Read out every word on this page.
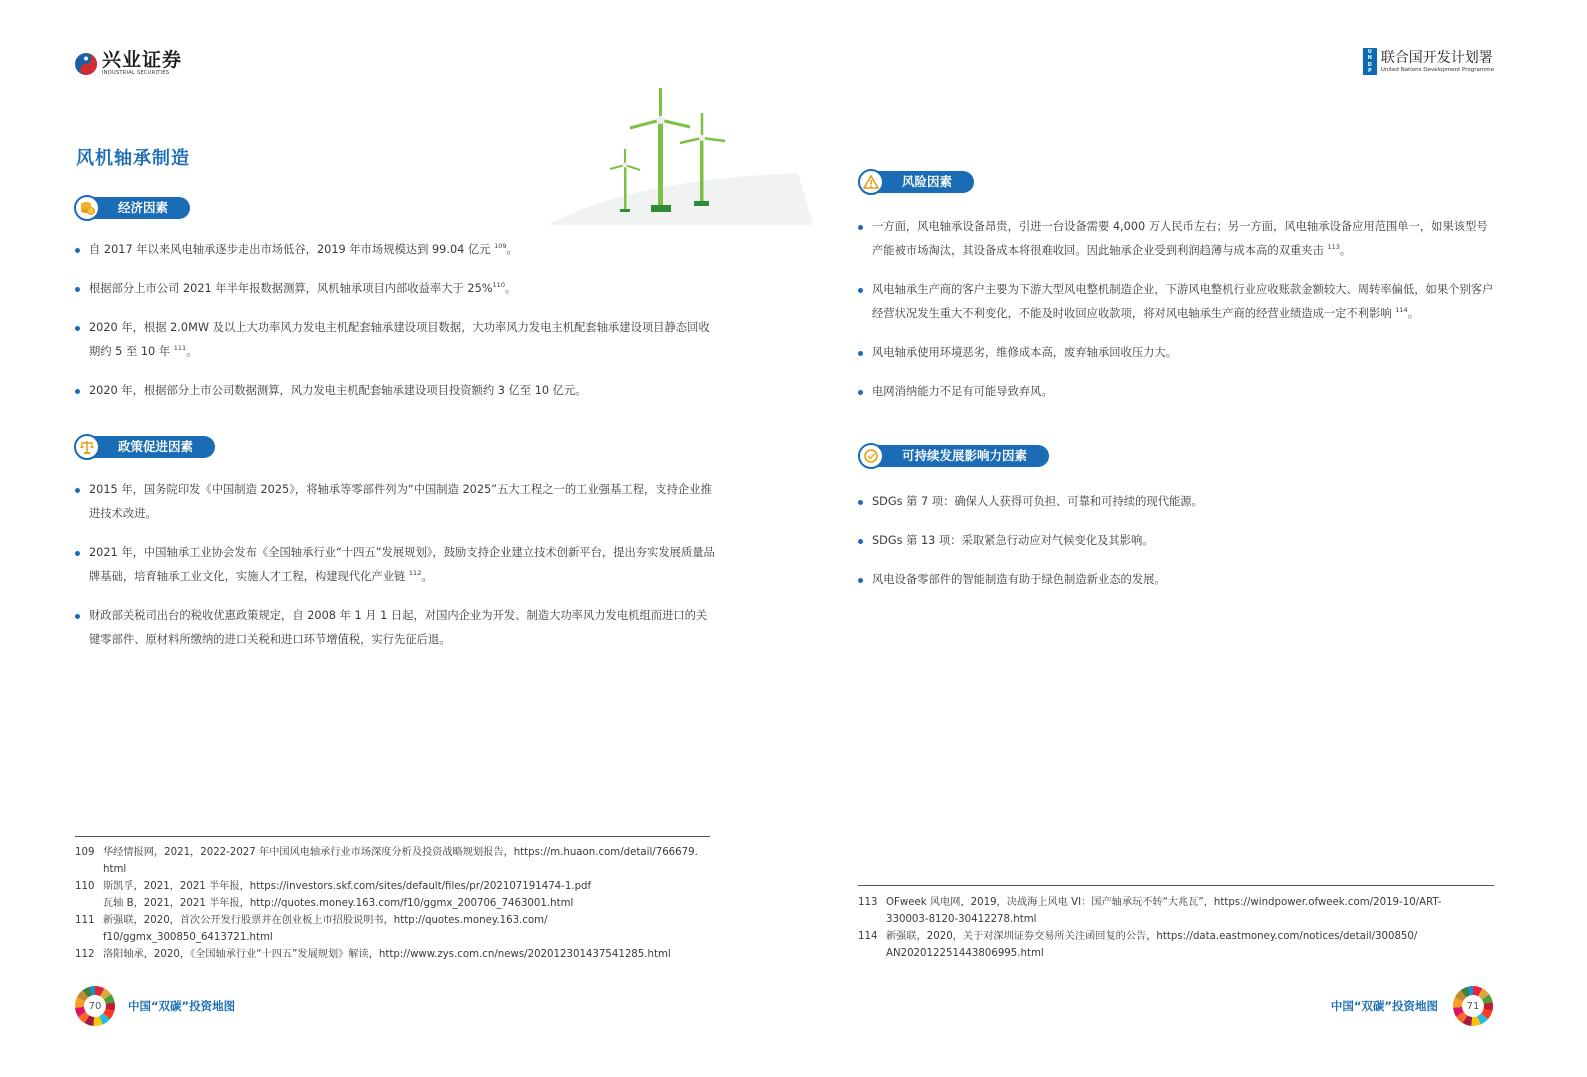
兴业证券
INDUSTRIAL SECURITIES
U
N
D
P
联合国开发计划署
United Nations Development Programme
风机轴承制造
经济因素
自 2017 年以来风电轴承逐步走出市场低谷，2019 年市场规模达到 99.04 亿元 $^{109}$。
根据部分上市公司 2021 年半年报数据测算，风机轴承项目内部收益率大于 25%$^{110}$。
2020 年，根据 2.0MW 及以上大功率风力发电主机配套轴承建设项目数据，大功率风力发电主机配套轴承建设项目静态回收期约 5 至 10 年 $^{111}$。
2020 年，根据部分上市公司数据测算，风力发电主机配套轴承建设项目投资额约 3 亿至 10 亿元。
政策促进因素
2015 年，国务院印发《中国制造 2025》，将轴承等零部件列为“中国制造 2025”五大工程之一的工业强基工程，支持企业推进技术改进。
2021 年，中国轴承工业协会发布《全国轴承行业“十四五”发展规划》，鼓励支持企业建立技术创新平台，提出夯实发展质量品牌基础，培育轴承工业文化，实施人才工程，构建现代化产业链 $^{112}$。
财政部关税司出台的税收优惠政策规定，自 2008 年 1 月 1 日起，对国内企业为开发、制造大功率风力发电机组而进口的关键零部件、原材料所缴纳的进口关税和进口环节增值税，实行先征后退。
109 华经情报网，2021，2022-2027 年中国风电轴承行业市场深度分析及投资战略规划报告，https://m.huaon.com/detail/766679.
html
110 斯凯孚，2021，2021 半年报，https://investors.skf.com/sites/default/files/pr/202107191474-1.pdf
瓦轴 B，2021，2021 半年报，http://quotes.money.163.com/f10/ggmx_200706_7463001.html
111 新强联，2020，首次公开发行股票并在创业板上市招股说明书，http://quotes.money.163.com/
f10/ggmx_300850_6413721.html
112 洛阳轴承，2020，《全国轴承行业“十四五”发展规划》解读，http://www.zys.com.cn/news/202012301437541285.html
70	中国“双碳”投资地图
风险因素
一方面，风电轴承设备昂贵，引进一台设备需要 4,000 万人民币左右；另一方面，风电轴承设备应用范围单一，如果该型号产能被市场淘汰，其设备成本将很难收回。因此轴承企业受到利润趋薄与成本高的双重夹击 $^{113}$。
风电轴承生产商的客户主要为下游大型风电整机制造企业，下游风电整机行业应收账款金额较大、周转率偏低，如果个别客户经营状况发生重大不利变化，不能及时收回应收款项，将对风电轴承生产商的经营业绩造成一定不利影响 $^{114}$。
风电轴承使用环境恶劣，维修成本高，废弃轴承回收压力大。
电网消纳能力不足有可能导致弃风。
可持续发展影响力因素
SDGs 第 7 项：确保人人获得可负担、可靠和可持续的现代能源。
SDGs 第 13 项：采取紧急行动应对气候变化及其影响。
风电设备零部件的智能制造有助于绿色制造新业态的发展。
113 OFweek 风电网，2019，决战海上风电 VI：国产轴承玩不转“大兆瓦”，https://windpower.ofweek.com/2019-10/ART-
330003-8120-30412278.html
114 新强联，2020，关于对深圳证券交易所关注函回复的公告，https://data.eastmoney.com/notices/detail/300850/
AN202012251443806995.html
中国“双碳”投资地图	71
